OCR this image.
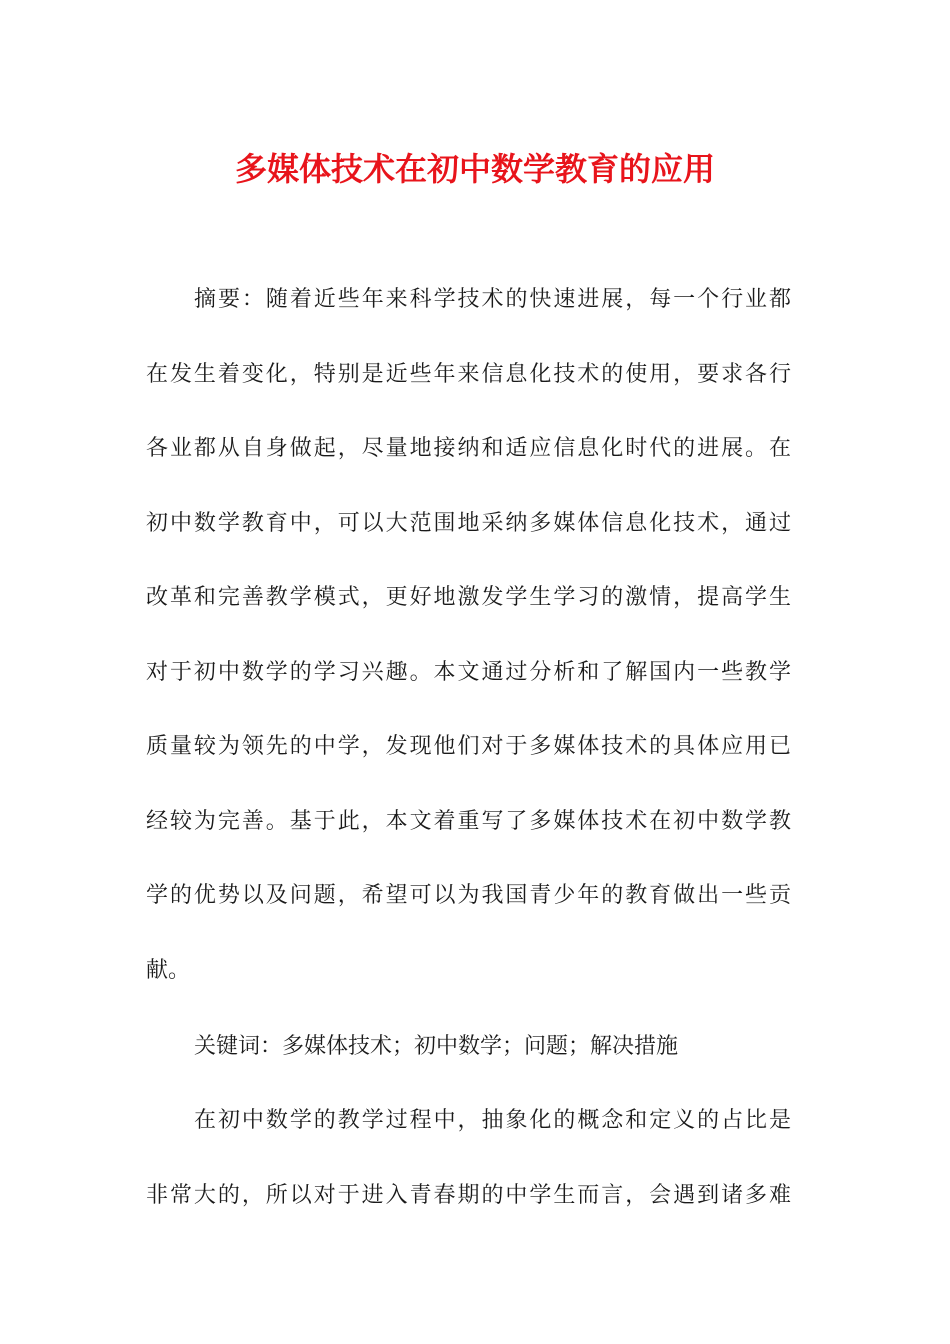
多媒体技术在初中数学教育的应用
摘要：随着近些年来科学技术的快速进展，每一个行业都
在发生着变化，特别是近些年来信息化技术的使用，要求各行
各业都从自身做起，尽量地接纳和适应信息化时代的进展。在
初中数学教育中，可以大范围地采纳多媒体信息化技术，通过
改革和完善教学模式，更好地激发学生学习的激情，提高学生
对于初中数学的学习兴趣。本文通过分析和了解国内一些教学
质量较为领先的中学，发现他们对于多媒体技术的具体应用已
经较为完善。基于此，本文着重写了多媒体技术在初中数学教
学的优势以及问题，希望可以为我国青少年的教育做出一些贡
献。
关键词：多媒体技术；初中数学；问题；解决措施
在初中数学的教学过程中，抽象化的概念和定义的占比是
非常大的，所以对于进入青春期的中学生而言，会遇到诸多难
